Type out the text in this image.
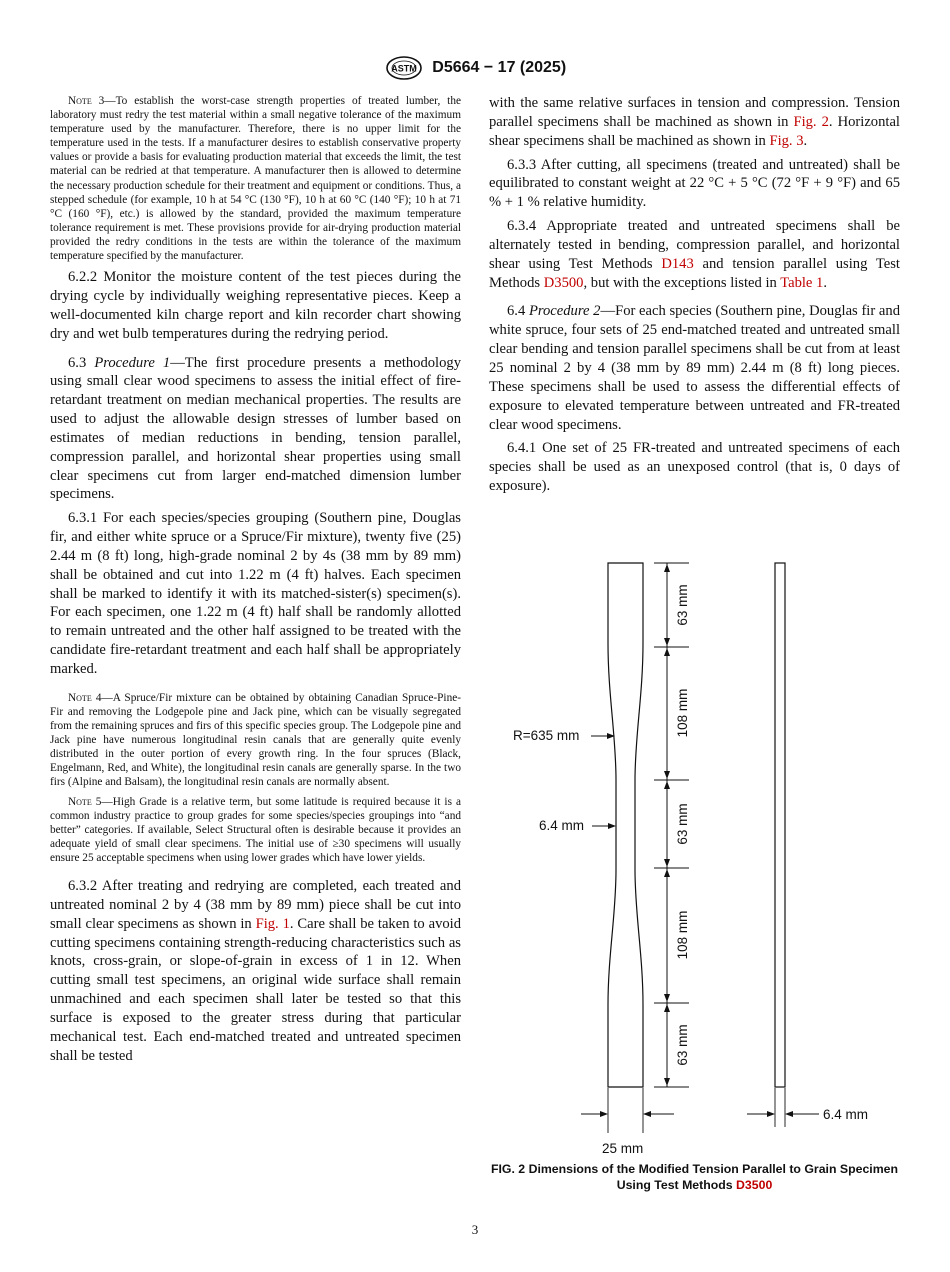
ASTM D5664 − 17 (2025)

Note 3—To establish the worst-case strength properties of treated lumber, the laboratory must redry the test material within a small negative tolerance of the maximum temperature used by the manufacturer. Therefore, there is no upper limit for the temperature used in the tests. If a manufacturer desires to establish conservative property values or provide a basis for evaluating production material that exceeds the limit, the test material can be redried at that temperature. A manufacturer then is allowed to determine the necessary production schedule for their treatment and equipment or conditions. Thus, a stepped schedule (for example, 10 h at 54 °C (130 °F), 10 h at 60 °C (140 °F); 10 h at 71 °C (160 °F), etc.) is allowed by the standard, provided the maximum temperature tolerance requirement is met. These provisions provide for air-drying production material provided the redry conditions in the tests are within the tolerance of the maximum temperature specified by the manufacturer.

6.2.2 Monitor the moisture content of the test pieces during the drying cycle by individually weighing representative pieces. Keep a well-documented kiln charge report and kiln recorder chart showing dry and wet bulb temperatures during the redrying period.

6.3 Procedure 1—The first procedure presents a methodology using small clear wood specimens to assess the initial effect of fire-retardant treatment on median mechanical properties. The results are used to adjust the allowable design stresses of lumber based on estimates of median reductions in bending, tension parallel, compression parallel, and horizontal shear properties using small clear specimens cut from larger end-matched dimension lumber specimens.

6.3.1 For each species/species grouping (Southern pine, Douglas fir, and either white spruce or a Spruce/Fir mixture), twenty five (25) 2.44 m (8 ft) long, high-grade nominal 2 by 4s (38 mm by 89 mm) shall be obtained and cut into 1.22 m (4 ft) halves. Each specimen shall be marked to identify it with its matched-sister(s) specimen(s). For each specimen, one 1.22 m (4 ft) half shall be randomly allotted to remain untreated and the other half assigned to be treated with the candidate fire-retardant treatment and each half shall be appropriately marked.

Note 4—A Spruce/Fir mixture can be obtained by obtaining Canadian Spruce-Pine-Fir and removing the Lodgepole pine and Jack pine, which can be visually segregated from the remaining spruces and firs of this specific species group. The Lodgepole pine and Jack pine have numerous longitudinal resin canals that are generally quite evenly distributed in the outer portion of every growth ring. In the four spruces (Black, Engelmann, Red, and White), the longitudinal resin canals are generally sparse. In the two firs (Alpine and Balsam), the longitudinal resin canals are normally absent.

Note 5—High Grade is a relative term, but some latitude is required because it is a common industry practice to group grades for some species/species groupings into “and better” categories. If available, Select Structural often is desirable because it provides an adequate yield of small clear specimens. The initial use of ≥30 specimens will usually ensure 25 acceptable specimens when using lower grades which have lower yields.

6.3.2 After treating and redrying are completed, each treated and untreated nominal 2 by 4 (38 mm by 89 mm) piece shall be cut into small clear specimens as shown in Fig. 1. Care shall be taken to avoid cutting specimens containing strength-reducing characteristics such as knots, cross-grain, or slope-of-grain in excess of 1 in 12. When cutting small test specimens, an original wide surface shall remain unmachined and each specimen shall later be tested so that this surface is exposed to the greater stress during that particular mechanical test. Each end-matched treated and untreated specimen shall be tested

with the same relative surfaces in tension and compression. Tension parallel specimens shall be machined as shown in Fig. 2. Horizontal shear specimens shall be machined as shown in Fig. 3.

6.3.3 After cutting, all specimens (treated and untreated) shall be equilibrated to constant weight at 22 °C + 5 °C (72 °F + 9 °F) and 65 % + 1 % relative humidity.

6.3.4 Appropriate treated and untreated specimens shall be alternately tested in bending, compression parallel, and horizontal shear using Test Methods D143 and tension parallel using Test Methods D3500, but with the exceptions listed in Table 1.

6.4 Procedure 2—For each species (Southern pine, Douglas fir and white spruce, four sets of 25 end-matched treated and untreated small clear bending and tension parallel specimens shall be cut from at least 25 nominal 2 by 4 (38 mm by 89 mm) 2.44 m (8 ft) long pieces. These specimens shall be used to assess the differential effects of exposure to elevated temperature between untreated and FR-treated clear wood specimens.

6.4.1 One set of 25 FR-treated and untreated specimens of each species shall be used as an unexposed control (that is, 0 days of exposure).

63 mm
108 mm
63 mm
108 mm
63 mm
R=635 mm
6.4 mm
25 mm
6.4 mm
FIG. 2 Dimensions of the Modified Tension Parallel to Grain Specimen Using Test Methods D3500
3
